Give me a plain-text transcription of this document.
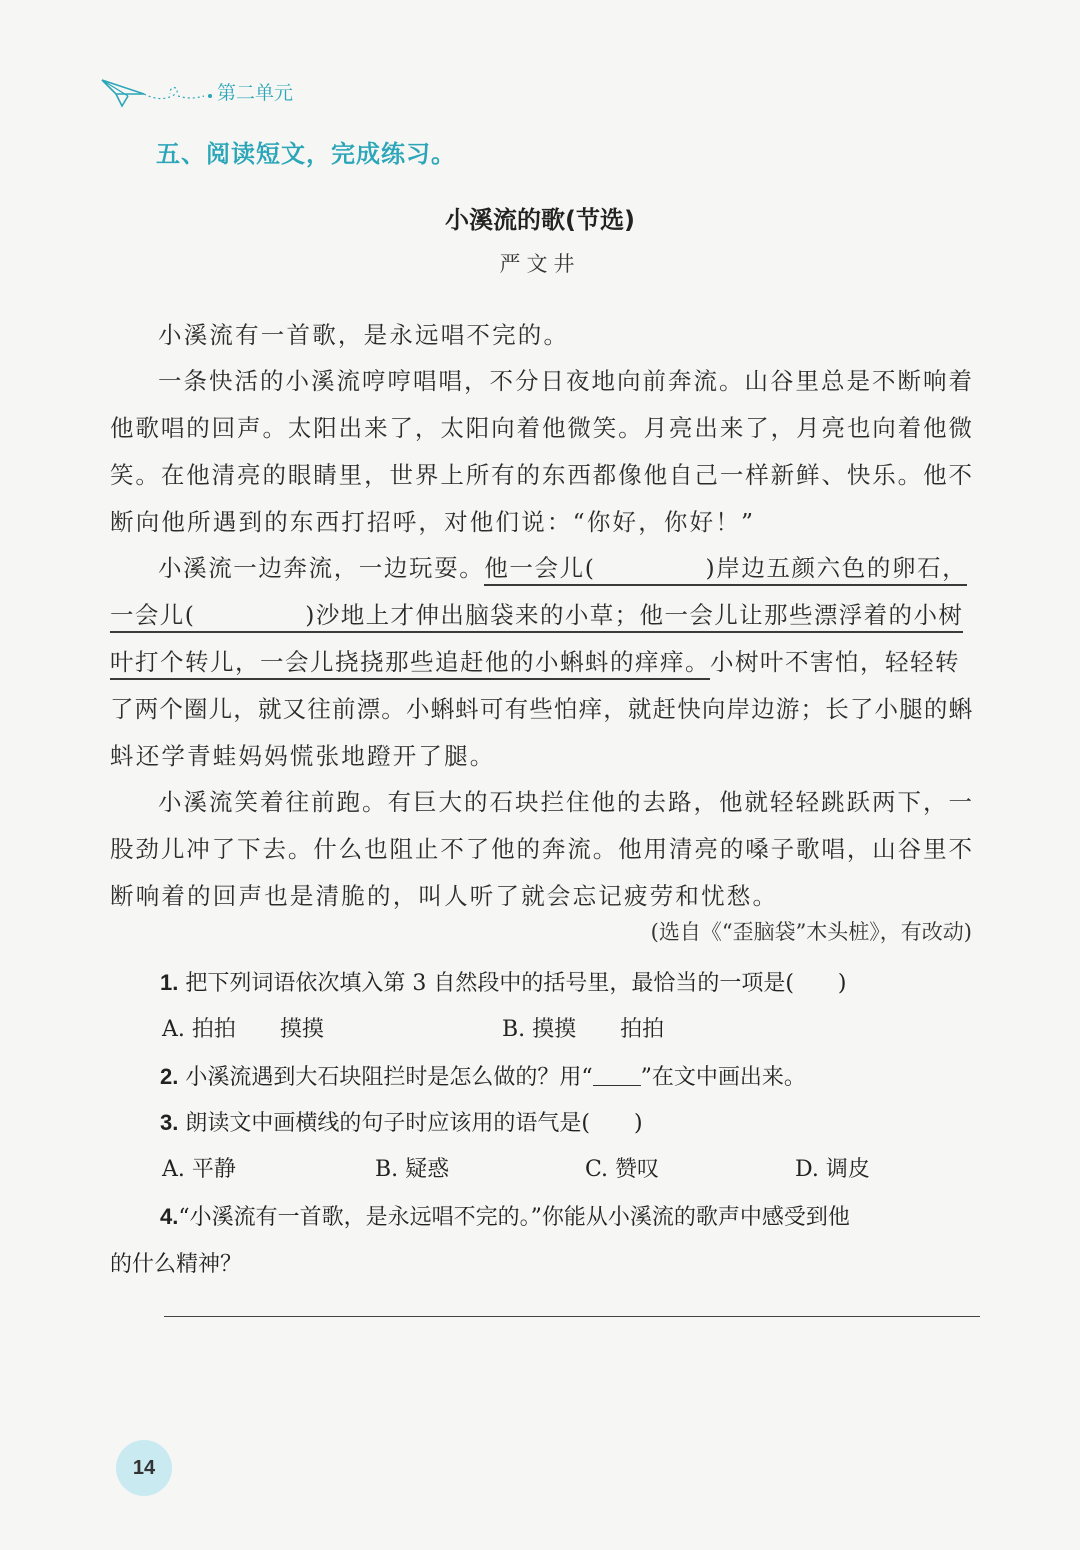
第二单元
五、阅读短文，完成练习。
小溪流的歌(节选)
严文井
小溪流有一首歌，是永远唱不完的。
一条快活的小溪流哼哼唱唱，不分日夜地向前奔流。山谷里总是不断响着
他歌唱的回声。太阳出来了，太阳向着他微笑。月亮出来了，月亮也向着他微
笑。在他清亮的眼睛里，世界上所有的东西都像他自己一样新鲜、快乐。他不
断向他所遇到的东西打招呼，对他们说：“你好，你好！”
小溪流一边奔流，一边玩耍。他一会儿(	)岸边五颜六色的卵石，
一会儿(	)沙地上才伸出脑袋来的小草；他一会儿让那些漂浮着的小树
叶打个转儿，一会儿挠挠那些追赶他的小蝌蚪的痒痒。小树叶不害怕，轻轻转
了两个圈儿，就又往前漂。小蝌蚪可有些怕痒，就赶快向岸边游；长了小腿的蝌
蚪还学青蛙妈妈慌张地蹬开了腿。
小溪流笑着往前跑。有巨大的石块拦住他的去路，他就轻轻跳跃两下，一
股劲儿冲了下去。什么也阻止不了他的奔流。他用清亮的嗓子歌唱，山谷里不
断响着的回声也是清脆的，叫人听了就会忘记疲劳和忧愁。
(选自《“歪脑袋”木头桩》，有改动)
1. 把下列词语依次填入第 3 自然段中的括号里，最恰当的一项是(　　)
A. 拍拍　　摸摸	B. 摸摸　　拍拍
2. 小溪流遇到大石块阻拦时是怎么做的？用“ ”在文中画出来。
3. 朗读文中画横线的句子时应该用的语气是(　　)
A. 平静	B. 疑惑	C. 赞叹	D. 调皮
4.“小溪流有一首歌，是永远唱不完的。”你能从小溪流的歌声中感受到他
的什么精神？
14
